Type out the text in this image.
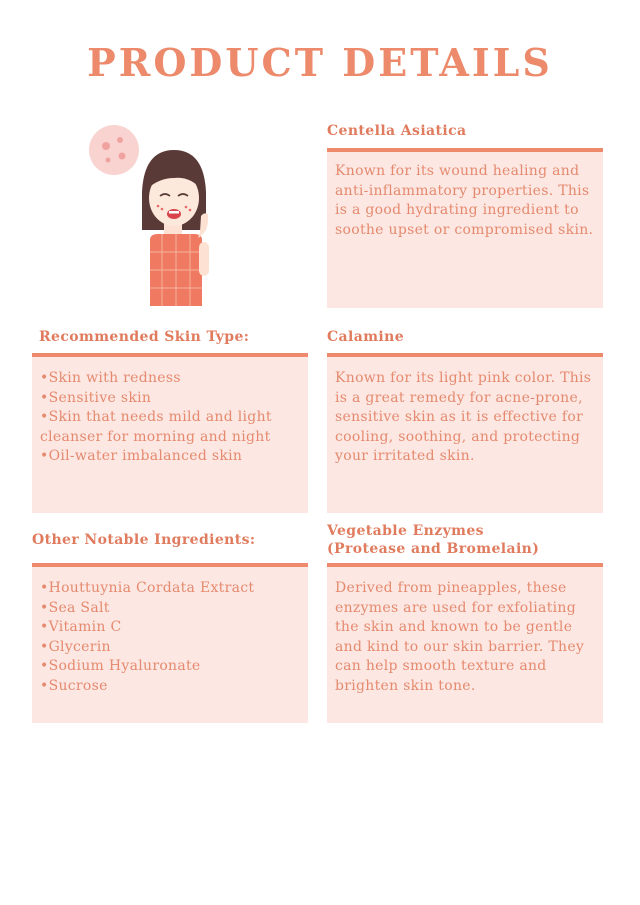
PRODUCT DETAILS
Centella Asiatica
Known for its wound healing and anti-inflammatory properties. This is a good hydrating ingredient to soothe upset or compromised skin.
Recommended Skin Type:
• Skin with redness
• Sensitive skin
• Skin that needs mild and light cleanser for morning and night
• Oil-water imbalanced skin
Calamine
Known for its light pink color. This is a great remedy for acne-prone, sensitive skin as it is effective for cooling, soothing, and protecting your irritated skin.
Other Notable Ingredients:
• Houttuynia Cordata Extract
• Sea Salt
• Vitamin C
• Glycerin
• Sodium Hyaluronate
• Sucrose
Vegetable Enzymes
(Protease and Bromelain)
Derived from pineapples, these enzymes are used for exfoliating the skin and known to be gentle and kind to our skin barrier. They can help smooth texture and brighten skin tone.
